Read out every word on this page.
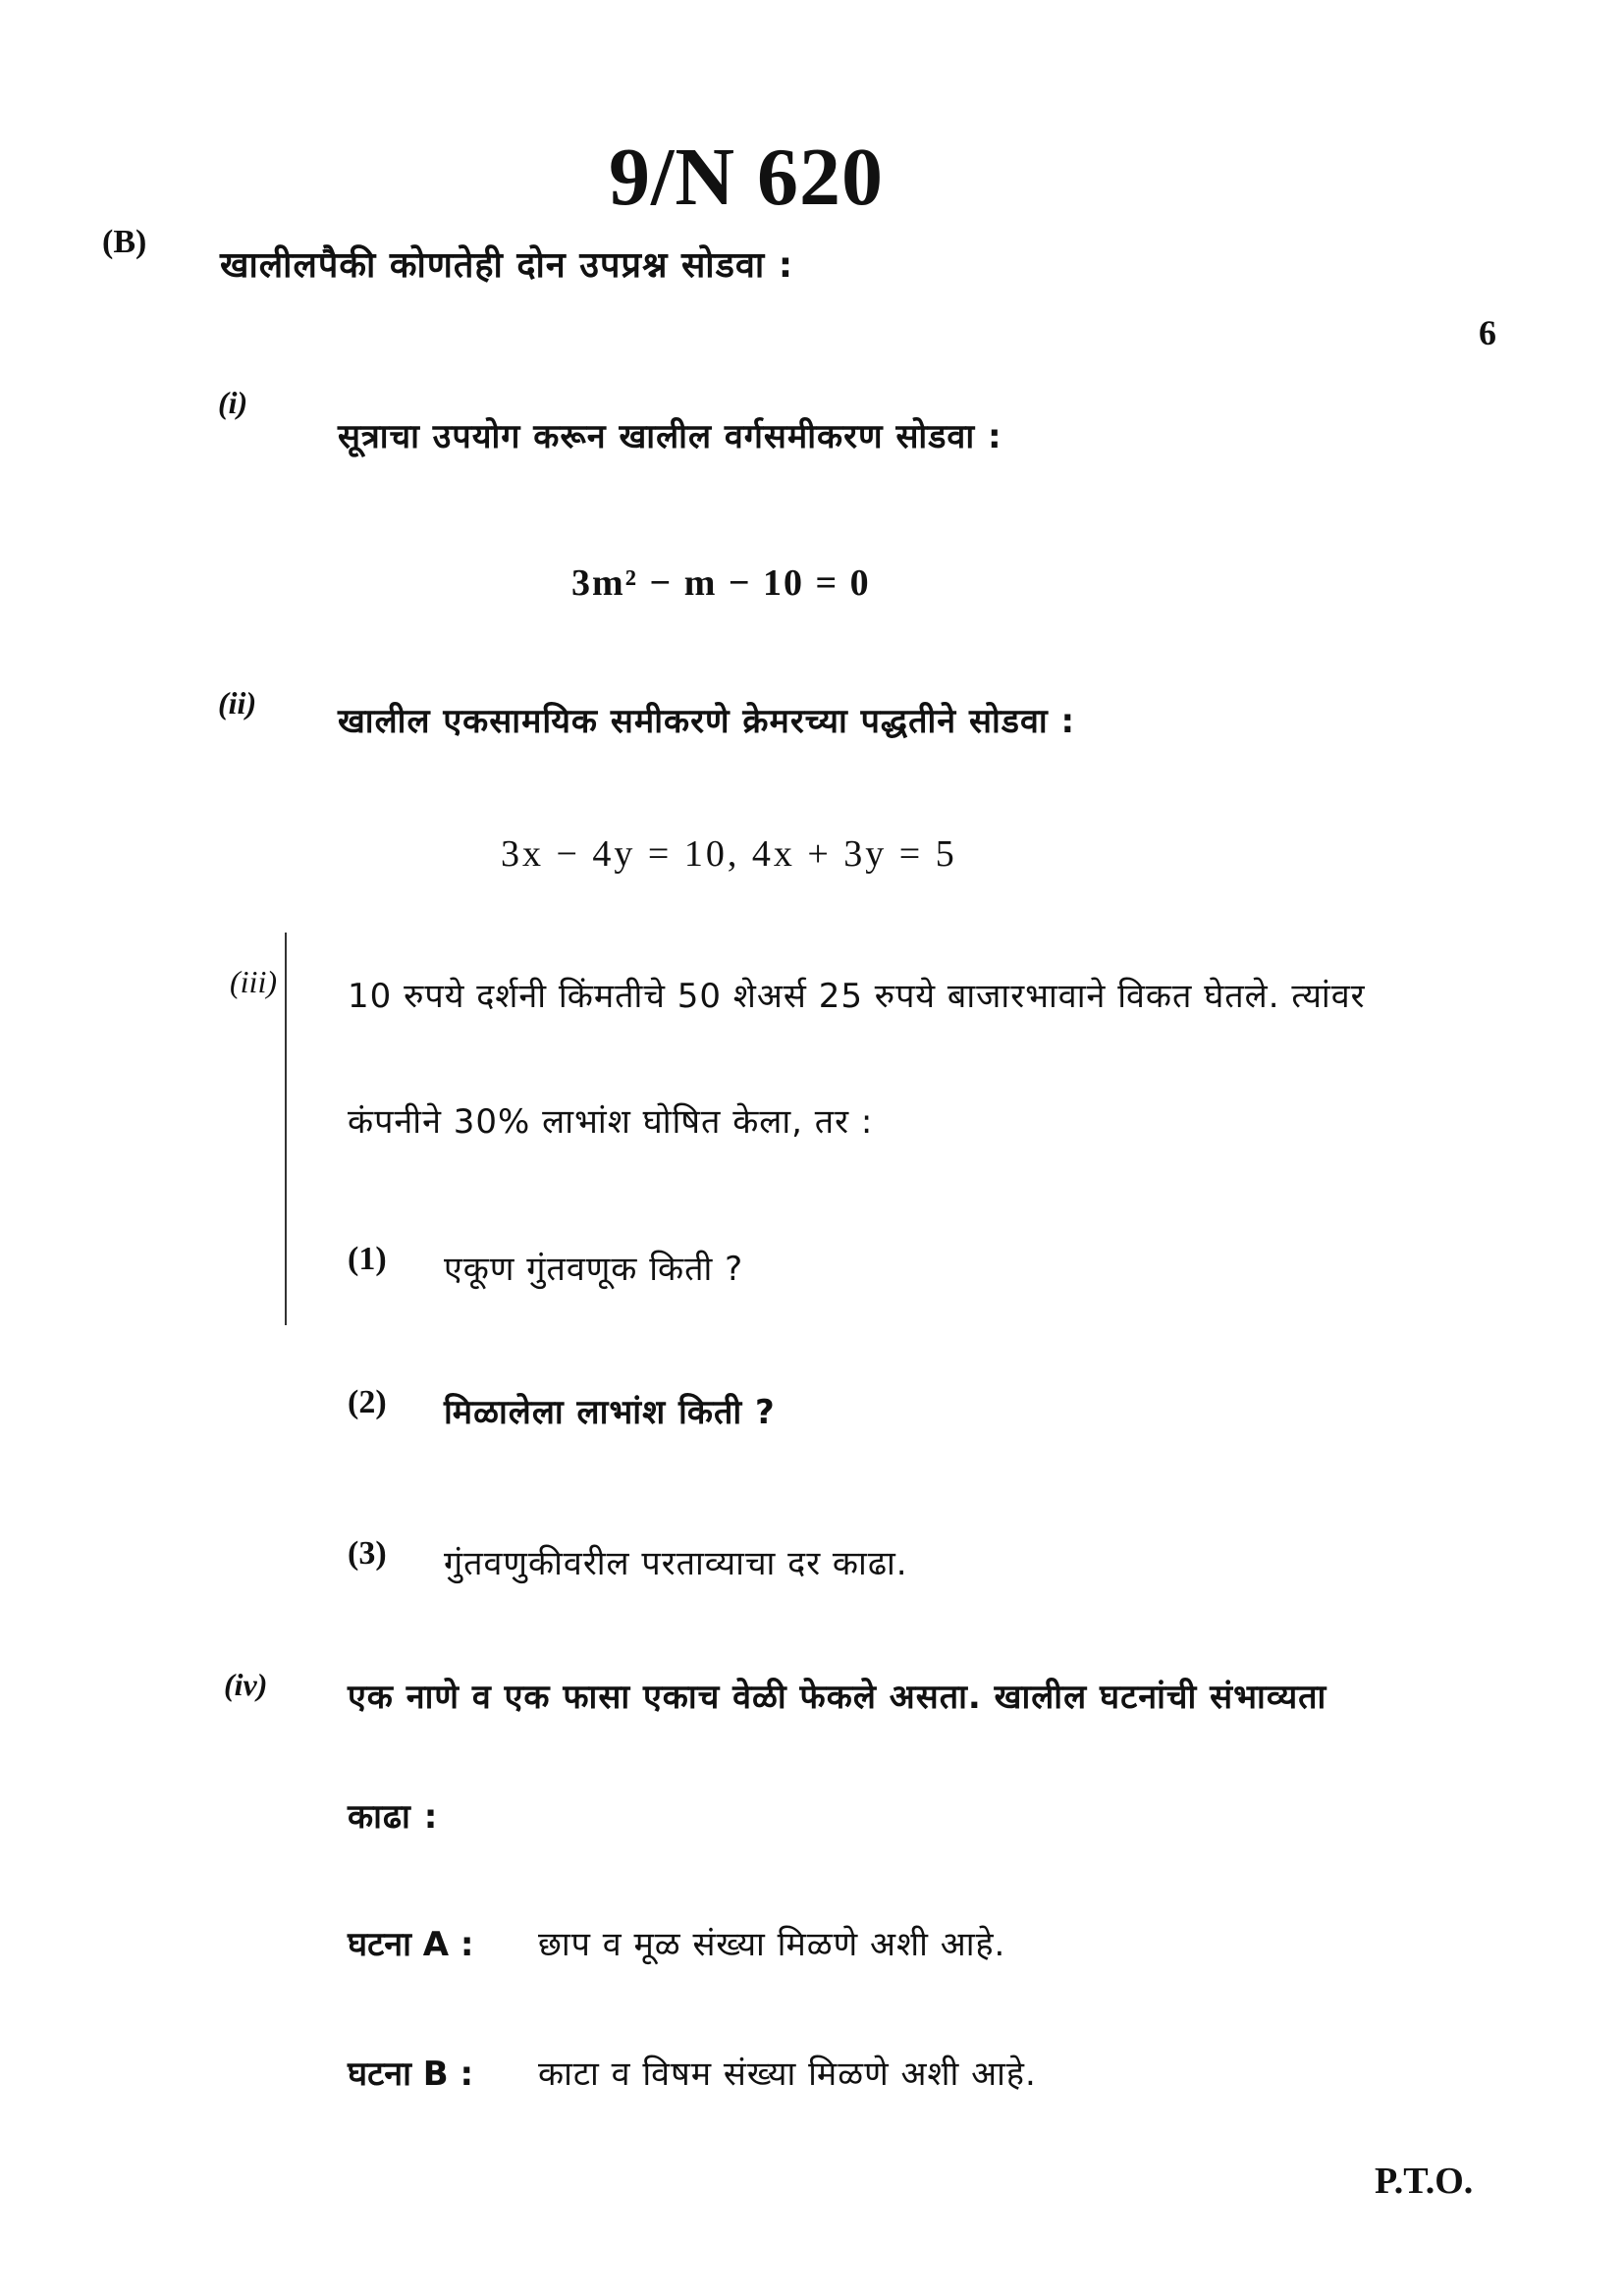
9/N 620
(B)
खालीलपैकी कोणतेही दोन उपप्रश्न सोडवा :
6
(i)
सूत्राचा उपयोग करून खालील वर्गसमीकरण सोडवा :
3m² − m − 10 = 0
(ii) खालील एकसामयिक समीकरणे क्रेमरच्या पद्धतीने सोडवा :
3x − 4y = 10, 4x + 3y = 5
(iii) 10 रुपये दर्शनी किंमतीचे 50 शेअर्स 25 रुपये बाजारभावाने विकत घेतले. त्यांवर
कंपनीने 30% लाभांश घोषित केला, तर :
(1) एकूण गुंतवणूक किती ?
(2) मिळालेला लाभांश किती ?
(3) गुंतवणुकीवरील परताव्याचा दर काढा.
(iv) एक नाणे व एक फासा एकाच वेळी फेकले असता. खालील घटनांची संभाव्यता
काढा :
घटना A : छाप व मूळ संख्या मिळणे अशी आहे.
घटना B : काटा व विषम संख्या मिळणे अशी आहे.
P.T.O.
